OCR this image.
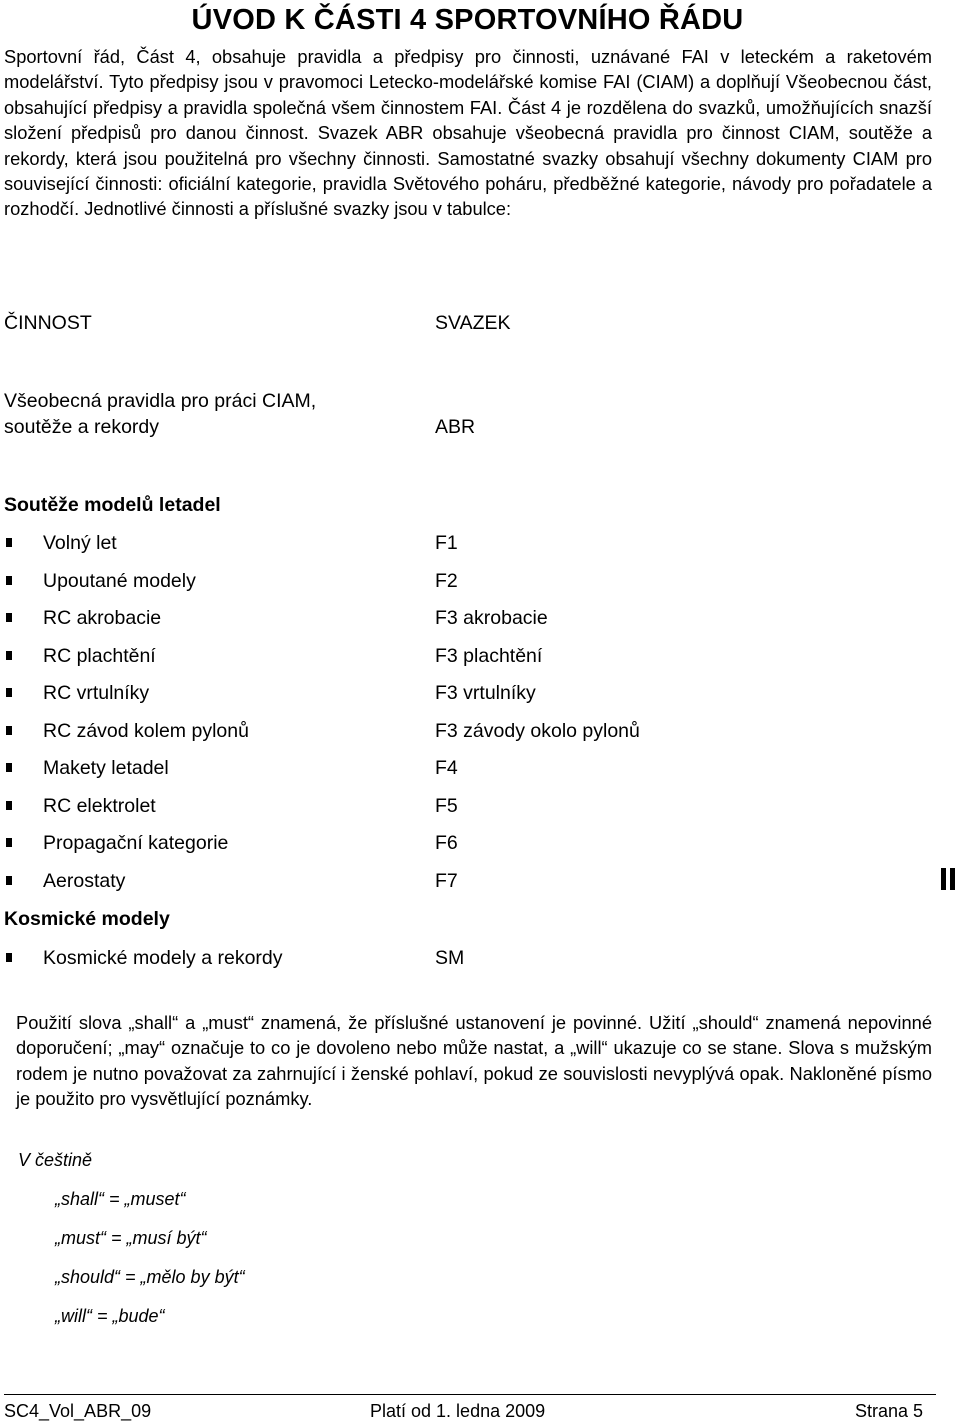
ÚVOD K ČÁSTI 4 SPORTOVNÍHO ŘÁDU
Sportovní řád, Část 4, obsahuje pravidla a předpisy pro činnosti, uznávané FAI v leteckém a raketovém modelářství. Tyto předpisy jsou v pravomoci Letecko-modelářské komise FAI (CIAM) a doplňují Všeobecnou část, obsahující předpisy a pravidla společná všem činnostem FAI. Část 4 je rozdělena do svazků, umožňujících snazší složení předpisů pro danou činnost. Svazek ABR obsahuje všeobecná pravidla pro činnost CIAM, soutěže a rekordy, která jsou použitelná pro všechny činnosti. Samostatné svazky obsahují všechny dokumenty CIAM pro související činnosti: oficiální kategorie, pravidla Světového poháru, předběžné kategorie, návody pro pořadatele a rozhodčí. Jednotlivé činnosti a příslušné svazky jsou v tabulce:
ČINNOST	SVAZEK
Všeobecná pravidla pro práci CIAM,
soutěže a rekordy	ABR
Soutěže modelů letadel
Volný let	F1
Upoutané modely	F2
RC akrobacie	F3 akrobacie
RC plachtění	F3 plachtění
RC vrtulníky	F3 vrtulníky
RC závod kolem pylonů	F3 závody okolo pylonů
Makety letadel	F4
RC elektrolet	F5
Propagační kategorie	F6
Aerostaty	F7
Kosmické modely
Kosmické modely a rekordy	SM
Použití slova „shall“ a „must“ znamená, že příslušné ustanovení je povinné. Užití „should“ znamená nepovinné doporučení; „may“ označuje to co je dovoleno nebo může nastat, a „will“ ukazuje co se stane. Slova s mužským rodem je nutno považovat za zahrnující i ženské pohlaví, pokud ze souvislosti nevyplývá opak. Nakloněné písmo je použito pro vysvětlující poznámky.
V češtině
„shall“ = „muset“
„must“ = „musí být“
„should“ = „mělo by být“
„will“ = „bude“
SC4_Vol_ABR_09	Platí od 1. ledna 2009	Strana 5
